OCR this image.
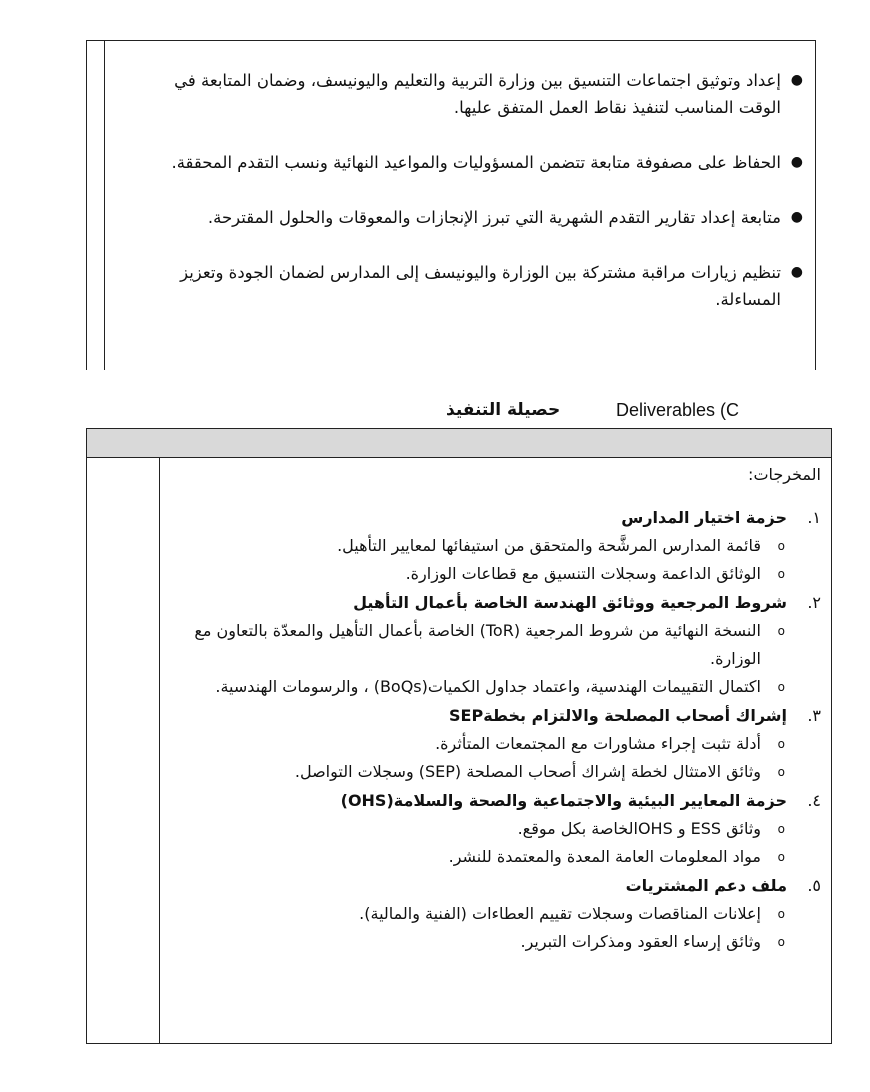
●
إعداد وتوثيق اجتماعات التنسيق بين وزارة التربية والتعليم واليونيسف، وضمان المتابعة في الوقت المناسب لتنفيذ نقاط العمل المتفق عليها.
●
الحفاظ على مصفوفة متابعة تتضمن المسؤوليات والمواعيد النهائية ونسب التقدم المحققة.
●
متابعة إعداد تقارير التقدم الشهرية التي تبرز الإنجازات والمعوقات والحلول المقترحة.
●
تنظيم زيارات مراقبة مشتركة بين الوزارة واليونيسف إلى المدارس لضمان الجودة وتعزيز المساءلة.
حصيلة التنفيذ	Deliverables (C
المخرجات:
١.
حزمة اختيار المدارس
o
قائمة المدارس المرشَّحة والمتحقق من استيفائها لمعايير التأهيل.
o
الوثائق الداعمة وسجلات التنسيق مع قطاعات الوزارة.
٢.
شروط المرجعية ووثائق الهندسة الخاصة بأعمال التأهيل
o
النسخة النهائية من شروط المرجعية (ToR) الخاصة بأعمال التأهيل والمعدّة بالتعاون مع الوزارة.
o
اكتمال التقييمات الهندسية، واعتماد جداول الكميات(BoQs) ، والرسومات الهندسية.
٣.
إشراك أصحاب المصلحة والالتزام بخطةSEP
o
أدلة تثبت إجراء مشاورات مع المجتمعات المتأثرة.
o
وثائق الامتثال لخطة إشراك أصحاب المصلحة (SEP) وسجلات التواصل.
٤.
حزمة المعايير البيئية والاجتماعية والصحة والسلامة(OHS)
o
وثائق ESS و OHSالخاصة بكل موقع.
o
مواد المعلومات العامة المعدة والمعتمدة للنشر.
٥.
ملف دعم المشتريات
o
إعلانات المناقصات وسجلات تقييم العطاءات (الفنية والمالية).
o
وثائق إرساء العقود ومذكرات التبرير.
